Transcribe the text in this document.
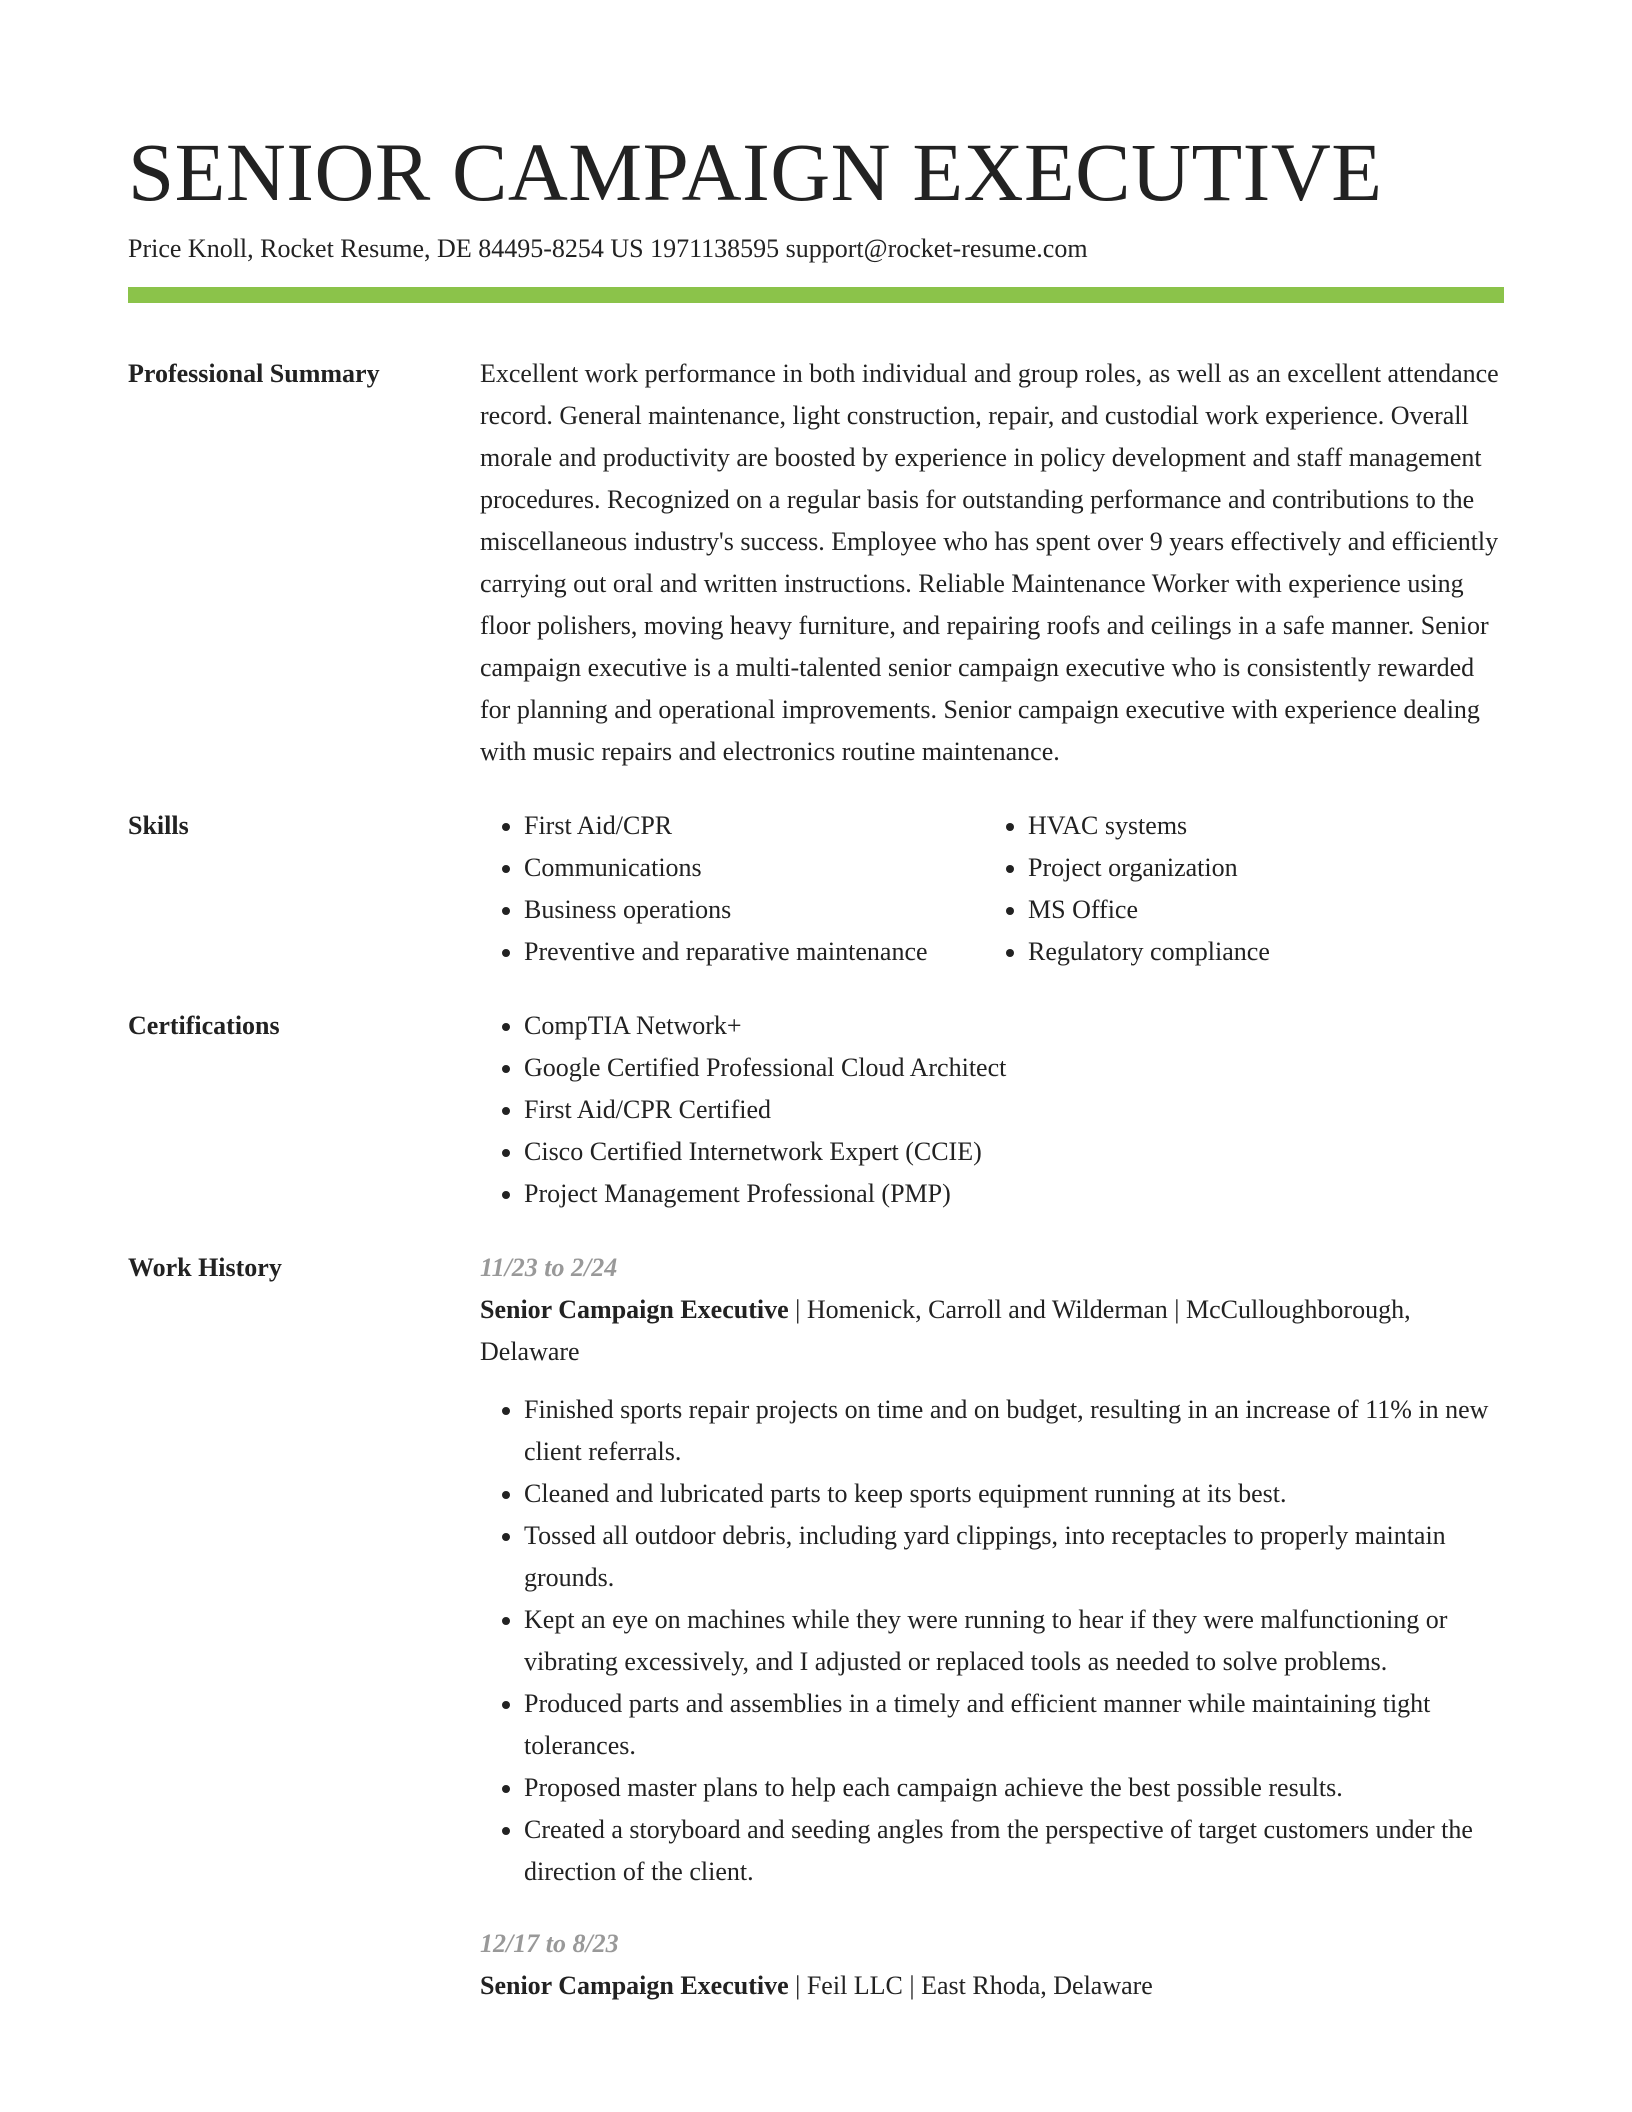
SENIOR CAMPAIGN EXECUTIVE
Price Knoll, Rocket Resume, DE 84495-8254 US 1971138595 support@rocket-resume.com
Professional Summary	Excellent work performance in both individual and group roles, as well as an excellent attendance record. General maintenance, light construction, repair, and custodial work experience. Overall morale and productivity are boosted by experience in policy development and staff management procedures. Recognized on a regular basis for outstanding performance and contributions to the miscellaneous industry's success. Employee who has spent over 9 years effectively and efficiently carrying out oral and written instructions. Reliable Maintenance Worker with experience using floor polishers, moving heavy furniture, and repairing roofs and ceilings in a safe manner. Senior campaign executive is a multi-talented senior campaign executive who is consistently rewarded for planning and operational improvements. Senior campaign executive with experience dealing with music repairs and electronics routine maintenance.
Skills	• First Aid/CPR
• Communications
• Business operations
• Preventive and reparative maintenance
• HVAC systems
• Project organization
• MS Office
• Regulatory compliance
Certifications	• CompTIA Network+
• Google Certified Professional Cloud Architect
• First Aid/CPR Certified
• Cisco Certified Internetwork Expert (CCIE)
• Project Management Professional (PMP)
Work History	11/23 to 2/24
Senior Campaign Executive | Homenick, Carroll and Wilderman | McCulloughborough, Delaware
• Finished sports repair projects on time and on budget, resulting in an increase of 11% in new client referrals.
• Cleaned and lubricated parts to keep sports equipment running at its best.
• Tossed all outdoor debris, including yard clippings, into receptacles to properly maintain grounds.
• Kept an eye on machines while they were running to hear if they were malfunctioning or vibrating excessively, and I adjusted or replaced tools as needed to solve problems.
• Produced parts and assemblies in a timely and efficient manner while maintaining tight tolerances.
• Proposed master plans to help each campaign achieve the best possible results.
• Created a storyboard and seeding angles from the perspective of target customers under the direction of the client.
12/17 to 8/23
Senior Campaign Executive | Feil LLC | East Rhoda, Delaware
